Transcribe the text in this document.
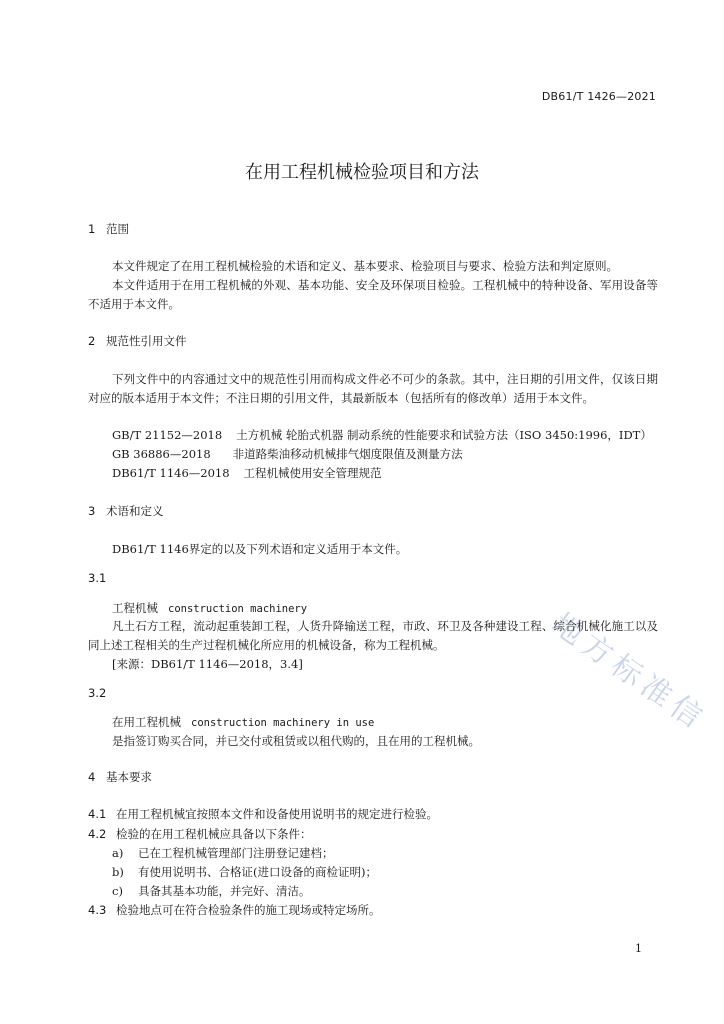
地方标准信
DB61/T 1426—2021
在用工程机械检验项目和方法
1 范围
本文件规定了在用工程机械检验的术语和定义、基本要求、检验项目与要求、检验方法和判定原则。
本文件适用于在用工程机械的外观、基本功能、安全及环保项目检验。工程机械中的特种设备、军用设备等不适用于本文件。
2 规范性引用文件
下列文件中的内容通过文中的规范性引用而构成文件必不可少的条款。其中，注日期的引用文件，仅该日期对应的版本适用于本文件；不注日期的引用文件，其最新版本（包括所有的修改单）适用于本文件。
GB/T 21152—2018 土方机械 轮胎式机器 制动系统的性能要求和试验方法（ISO 3450:1996，IDT）
GB 36886—2018 非道路柴油移动机械排气烟度限值及测量方法
DB61/T 1146—2018 工程机械使用安全管理规范
3 术语和定义
DB61/T 1146界定的以及下列术语和定义适用于本文件。
3.1
工程机械 construction machinery
凡土石方工程，流动起重装卸工程，人货升降输送工程，市政、环卫及各种建设工程、综合机械化施工以及同上述工程相关的生产过程机械化所应用的机械设备，称为工程机械。
[来源：DB61/T 1146—2018，3.4]
3.2
在用工程机械 construction machinery in use
是指签订购买合同，并已交付或租赁或以租代购的，且在用的工程机械。
4 基本要求
4.1 在用工程机械宜按照本文件和设备使用说明书的规定进行检验。
4.2 检验的在用工程机械应具备以下条件：
a) 已在工程机械管理部门注册登记建档；
b) 有使用说明书、合格证(进口设备的商检证明)；
c) 具备其基本功能，并完好、清洁。
4.3 检验地点可在符合检验条件的施工现场或特定场所。
1
